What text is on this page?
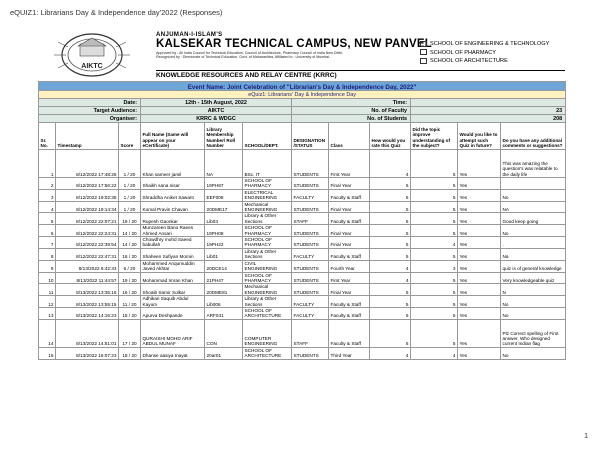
eQUIZ1: Librarians Day & Independence day'2022 (Responses)
AIKTC
ANJUMAN-I-ISLAM'S
KALSEKAR TECHNICAL CAMPUS, NEW PANVEL
Approved by : All India Council for Technical Education, Council of Architecture, Pharmacy Council of India New Delhi,
Recognized by : Directorate of Technical Education, Govt. of Maharashtra, Affiliated to : University of Mumbai.
SCHOOL OF ENGINEERING & TECHNOLOGY
SCHOOL OF PHARMACY
SCHOOL OF ARCHITECTURE
KNOWLEDGE RESOURCES AND RELAY CENTRE (KRRC)
Event Name: Joint Celebration of "Librarian's Day & Independence Day, 2022"											
eQuiz1: Librarians' Day & Independence Day											
Date:			12th - 15th August, 2022			Time:					
Target Audience:			AIKTC			No. of Faculty			23		
Organiser:			KRRC & WDGC			No. of Students			208		
Sr. No.	Timestamp	Score	Full Name (Same will appear on your eCertificate)	Library Membership Number/ Roll Number	SCHOOL/DEPT.	DESIGNATION /STATUS	Class	How would you rate this Quiz	Did the topic improve understanding of the subject?	Would you like to attempt such Quiz in future?	Do you have any additional comments or suggestions?
1	8/12/2022 17:48:26	1 / 20	Khan sameer jamil	NA	BSc. IT	STUDENTS	First Year	4	5	Yes	This was amazing the question's was relatable to the daily life
2	8/12/2022 17:56:22	1 / 20	Shaikh sana nisar	19PH87	SCHOOL OF PHARMACY	STUDENTS	Final Year	5	5	Yes	
3	8/12/2022 19:02:35	1 / 20	Shraddha Aniket Sawant	EEF008	ELECTRICAL ENGINEERING	FACULTY	Faculty & Staff	5	5	Yes	No
4	8/12/2022 19:14:34	1 / 20	Komal Pravin Chavan	20DME17	Mechanical ENGINEERING	STUDENTS	Final Year	5	5	Yes	NA
5	8/12/2022 22:07:21	19 / 20	Rupesh Gaonkar	Lib03	Library & Other Sections	STAFF	Faculty & Staff	5	5	Yes	Good keep going
6	8/12/2022 22:24:31	14 / 20	Munzareen Bano Raees Ahmed Ansari	19PH08	SCHOOL OF PHARMACY	STUDENTS	Final Year	5	5	Yes	No
7	8/12/2022 22:39:54	14 / 20	Chowdhry mohd Saeed babullah	19PH22	SCHOOL OF PHARMACY	STUDENTS	Final Year	5	4	Yes	.
8	8/12/2022 22:47:31	16 / 20	Shaheen Sufiyan Momin	Lib01	Library & Other Sections	FACULTY	Faculty & Staff	5	5	Yes	Na
9	8/13/2022 6:42:33	6 / 20	Mohammed Anqumuddin Javed Akhtar	20DCE14	CIVIL ENGINEERING	STUDENTS	Fourth Year	4	3	Yes	quiz is of general knowledge
10	8/13/2022 11:44:57	19 / 20	Mohammad Imran Khan	21PH47	SCHOOL OF PHARMACY	STUDENTS	First Year	4	5	Yes	Very knowledgeable quiz
11	8/13/2022 13:35:16	16 / 20	Shoaib Samir Solkar	20DME81	Mechanical ENGINEERING	STUDENTS	Final Year	5	5	Yes	N
12	8/13/2022 13:55:15	11 / 20	Adhikari Saquib Abdul Kayum	Lib006	Library & Other Sections	FACULTY	Faculty & Staff	5	5	Yes	No
13	8/13/2022 14:16:23	15 / 20	Apurva Deshpande	ARF041	SCHOOL OF ARCHITECTURE	FACULTY	Faculty & Staff	5	5	Yes	No
14	8/13/2022 14:51:01	17 / 20	QURAISHI MOHD ARIF ABDUL MUNAF	CON	COMPUTER ENGINEERING	STAFF	Faculty & Staff	5	5	Yes	Plz Correct spelling of First answer. Who designed current Indian flag
15	8/13/2022 16:07:23	18 / 20	Dhanse aasiya Inayat	20ar01	SCHOOL OF ARCHITECTURE	STUDENTS	Third Year	4	4	Yes	No
1
